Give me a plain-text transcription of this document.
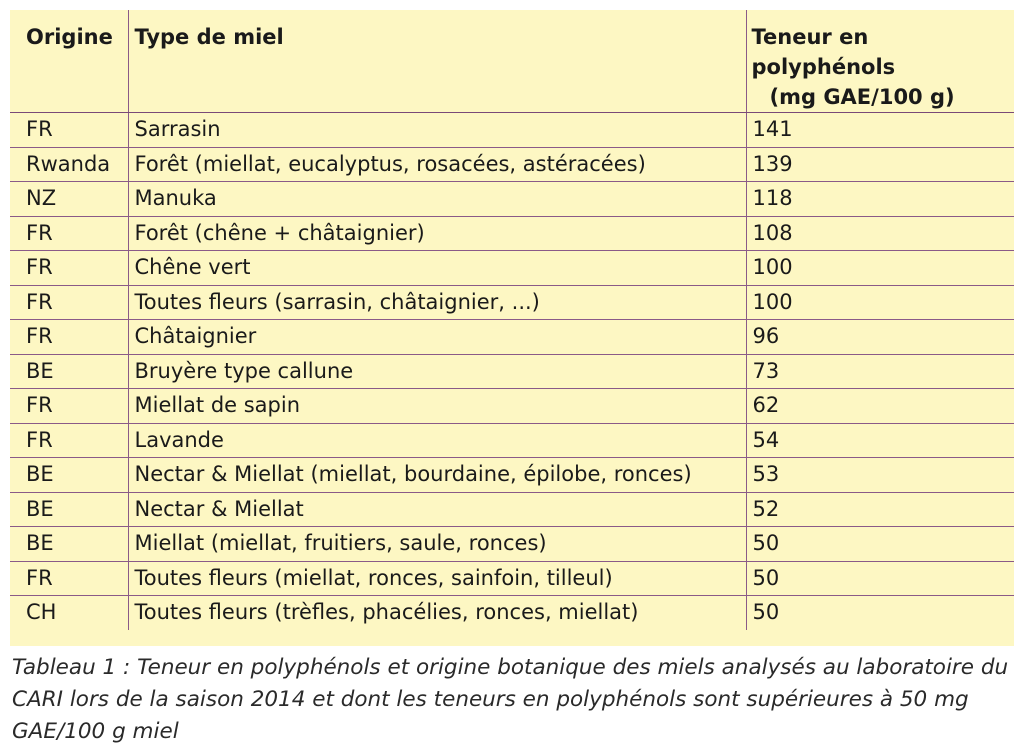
Origine	Type de miel	Teneur en polyphénols
(mg GAE/100 g)

FR	Sarrasin	141
Rwanda	Forêt (miellat, eucalyptus, rosacées, astéracées)	139
NZ	Manuka	118
FR	Forêt (chêne + châtaignier)	108
FR	Chêne vert	100
FR	Toutes fleurs (sarrasin, châtaignier, ...)	100
FR	Châtaignier	96
BE	Bruyère type callune	73
FR	Miellat de sapin	62
FR	Lavande	54
BE	Nectar & Miellat (miellat, bourdaine, épilobe, ronces)	53
BE	Nectar & Miellat	52
BE	Miellat (miellat, fruitiers, saule, ronces)	50
FR	Toutes fleurs (miellat, ronces, sainfoin, tilleul)	50
CH	Toutes fleurs (trèfles, phacélies, ronces, miellat)	50
Tableau 1 : Teneur en polyphénols et origine botanique des miels analysés au laboratoire du CARI lors de la saison 2014 et dont les teneurs en polyphénols sont supérieures à 50 mg GAE/100 g miel
